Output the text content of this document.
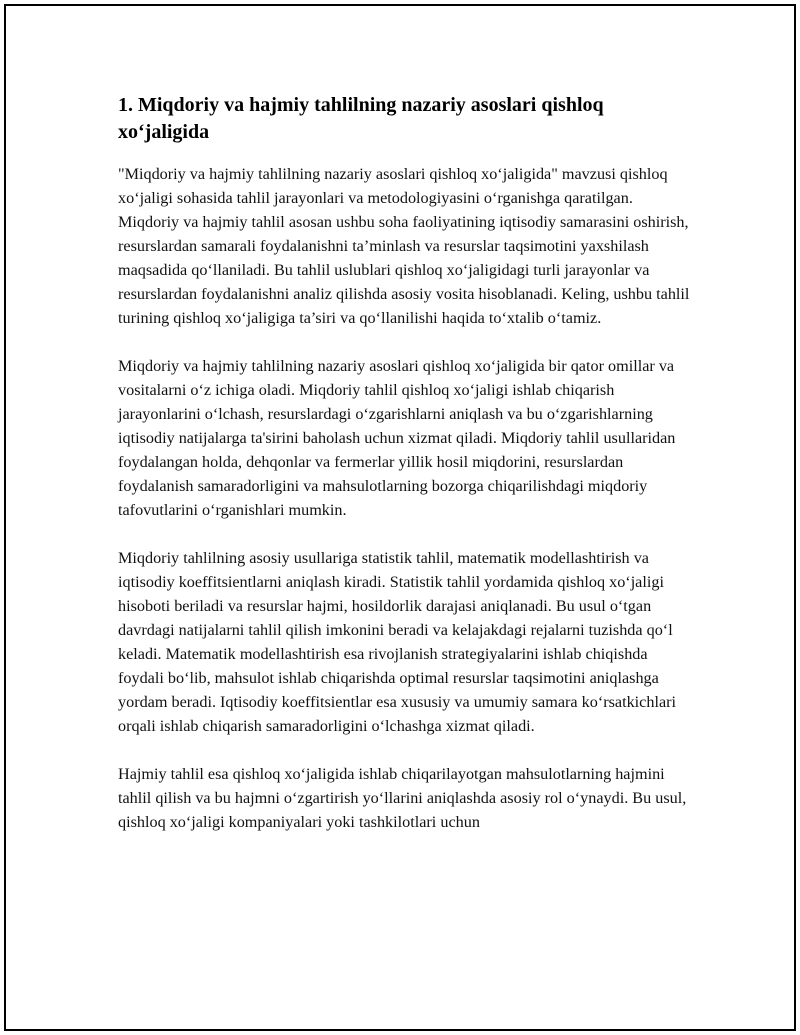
1. Miqdoriy va hajmiy tahlilning nazariy asoslari qishloq xo‘jaligida

"Miqdoriy va hajmiy tahlilning nazariy asoslari qishloq xo‘jaligida" mavzusi qishloq xo‘jaligi sohasida tahlil jarayonlari va metodologiyasini o‘rganishga qaratilgan. Miqdoriy va hajmiy tahlil asosan ushbu soha faoliyatining iqtisodiy samarasini oshirish, resurslardan samarali foydalanishni ta’minlash va resurslar taqsimotini yaxshilash maqsadida qo‘llaniladi. Bu tahlil uslublari qishloq xo‘jaligidagi turli jarayonlar va resurslardan foydalanishni analiz qilishda asosiy vosita hisoblanadi. Keling, ushbu tahlil turining qishloq xo‘jaligiga ta’siri va qo‘llanilishi haqida to‘xtalib o‘tamiz.

Miqdoriy va hajmiy tahlilning nazariy asoslari qishloq xo‘jaligida bir qator omillar va vositalarni o‘z ichiga oladi. Miqdoriy tahlil qishloq xo‘jaligi ishlab chiqarish jarayonlarini o‘lchash, resurslardagi o‘zgarishlarni aniqlash va bu o‘zgarishlarning iqtisodiy natijalarga ta'sirini baholash uchun xizmat qiladi. Miqdoriy tahlil usullaridan foydalangan holda, dehqonlar va fermerlar yillik hosil miqdorini, resurslardan foydalanish samaradorligini va mahsulotlarning bozorga chiqarilishdagi miqdoriy tafovutlarini o‘rganishlari mumkin.

Miqdoriy tahlilning asosiy usullariga statistik tahlil, matematik modellashtirish va iqtisodiy koeffitsientlarni aniqlash kiradi. Statistik tahlil yordamida qishloq xo‘jaligi hisoboti beriladi va resurslar hajmi, hosildorlik darajasi aniqlanadi. Bu usul o‘tgan davrdagi natijalarni tahlil qilish imkonini beradi va kelajakdagi rejalarni tuzishda qo‘l keladi. Matematik modellashtirish esa rivojlanish strategiyalarini ishlab chiqishda foydali bo‘lib, mahsulot ishlab chiqarishda optimal resurslar taqsimotini aniqlashga yordam beradi. Iqtisodiy koeffitsientlar esa xususiy va umumiy samara ko‘rsatkichlari orqali ishlab chiqarish samaradorligini o‘lchashga xizmat qiladi.

Hajmiy tahlil esa qishloq xo‘jaligida ishlab chiqarilayotgan mahsulotlarning hajmini tahlil qilish va bu hajmni o‘zgartirish yo‘llarini aniqlashda asosiy rol o‘ynaydi. Bu usul, qishloq xo‘jaligi kompaniyalari yoki tashkilotlari uchun
